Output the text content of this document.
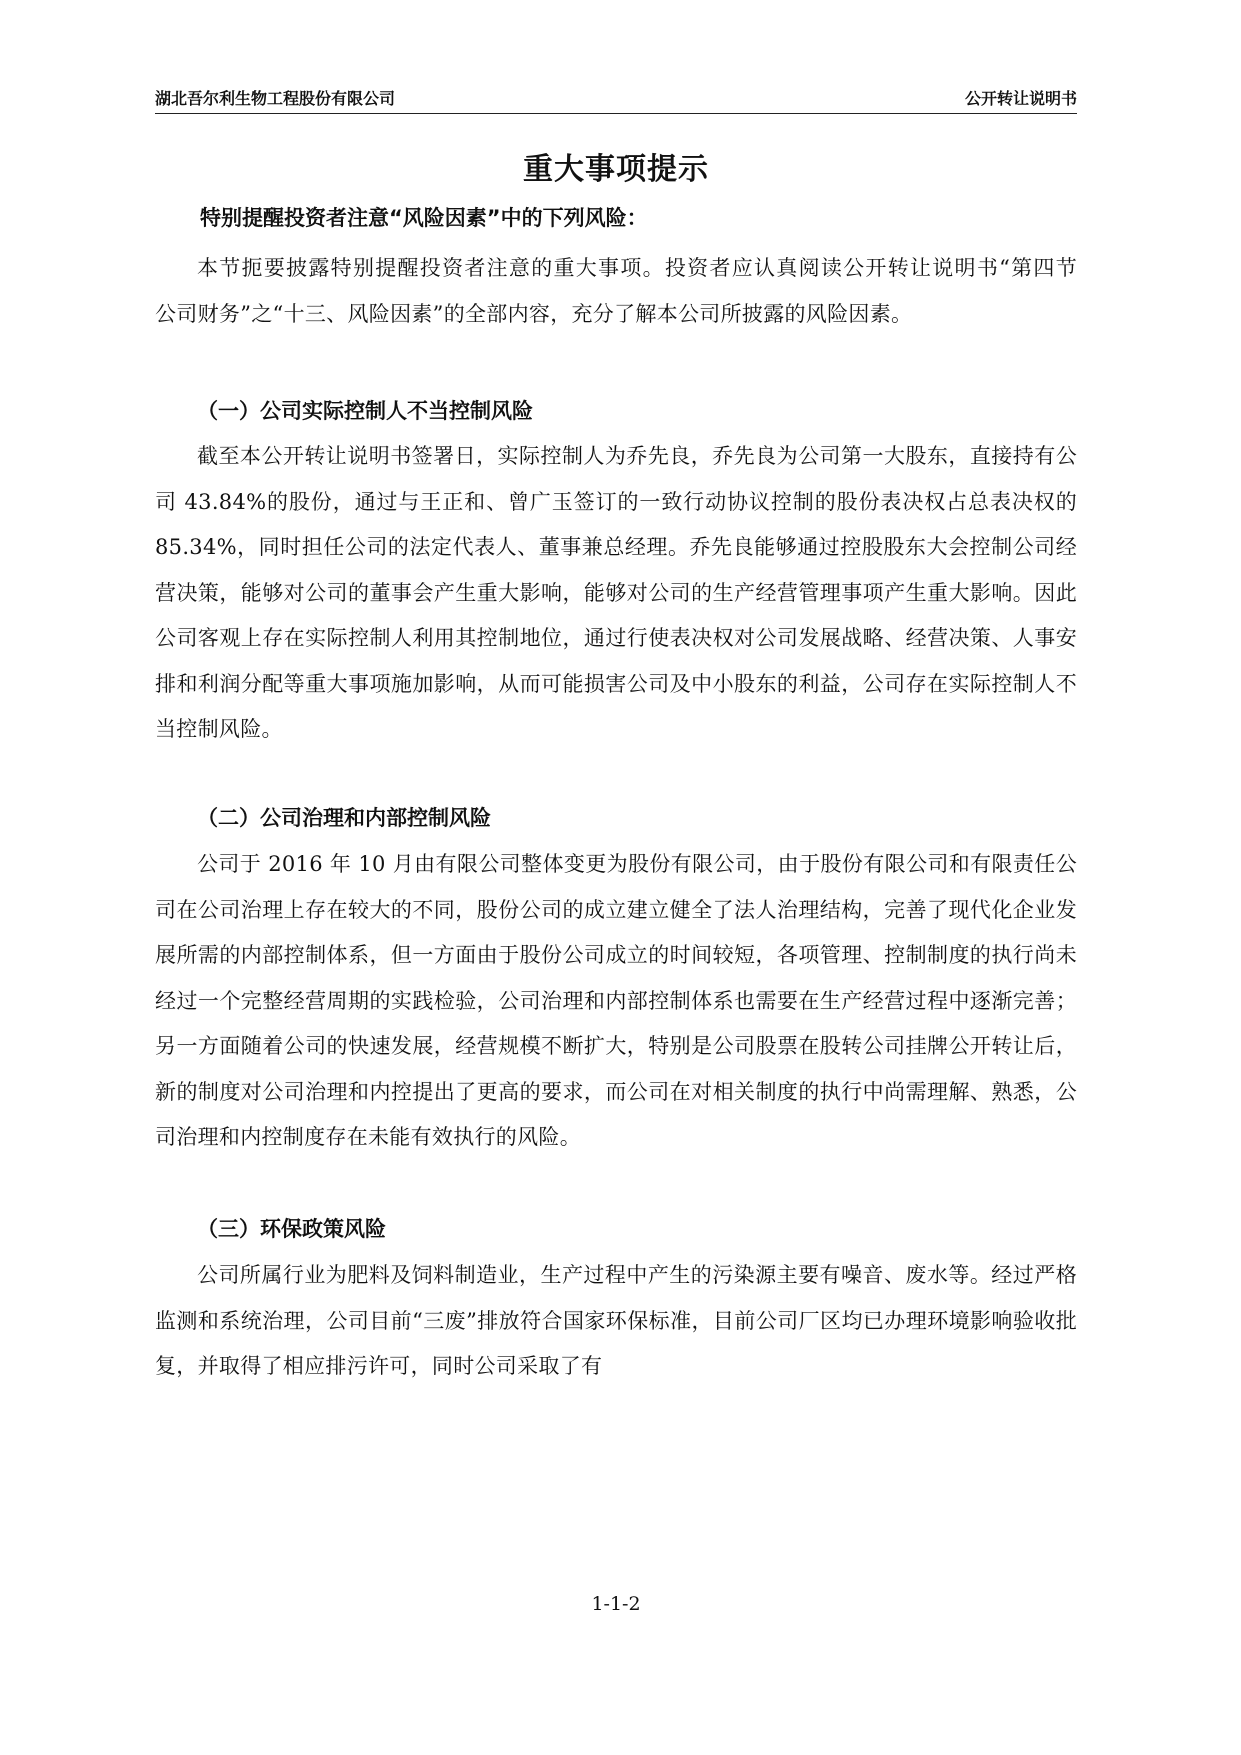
湖北吾尔利生物工程股份有限公司	公开转让说明书
重大事项提示
特别提醒投资者注意“风险因素”中的下列风险：

本节扼要披露特别提醒投资者注意的重大事项。投资者应认真阅读公开转让说明书“第四节　公司财务”之“十三、风险因素”的全部内容，充分了解本公司所披露的风险因素。

（一）公司实际控制人不当控制风险

截至本公开转让说明书签署日，实际控制人为乔先良，乔先良为公司第一大股东，直接持有公司 43.84%的股份，通过与王正和、曾广玉签订的一致行动协议控制的股份表决权占总表决权的 85.34%，同时担任公司的法定代表人、董事兼总经理。乔先良能够通过控股股东大会控制公司经营决策，能够对公司的董事会产生重大影响，能够对公司的生产经营管理事项产生重大影响。因此公司客观上存在实际控制人利用其控制地位，通过行使表决权对公司发展战略、经营决策、人事安排和利润分配等重大事项施加影响，从而可能损害公司及中小股东的利益，公司存在实际控制人不当控制风险。

（二）公司治理和内部控制风险

公司于 2016 年 10 月由有限公司整体变更为股份有限公司，由于股份有限公司和有限责任公司在公司治理上存在较大的不同，股份公司的成立建立健全了法人治理结构，完善了现代化企业发展所需的内部控制体系，但一方面由于股份公司成立的时间较短，各项管理、控制制度的执行尚未经过一个完整经营周期的实践检验，公司治理和内部控制体系也需要在生产经营过程中逐渐完善；另一方面随着公司的快速发展，经营规模不断扩大，特别是公司股票在股转公司挂牌公开转让后，新的制度对公司治理和内控提出了更高的要求，而公司在对相关制度的执行中尚需理解、熟悉，公司治理和内控制度存在未能有效执行的风险。

（三）环保政策风险

公司所属行业为肥料及饲料制造业，生产过程中产生的污染源主要有噪音、废水等。经过严格监测和系统治理，公司目前“三废”排放符合国家环保标准，目前公司厂区均已办理环境影响验收批复，并取得了相应排污许可，同时公司采取了有

1-1-2
